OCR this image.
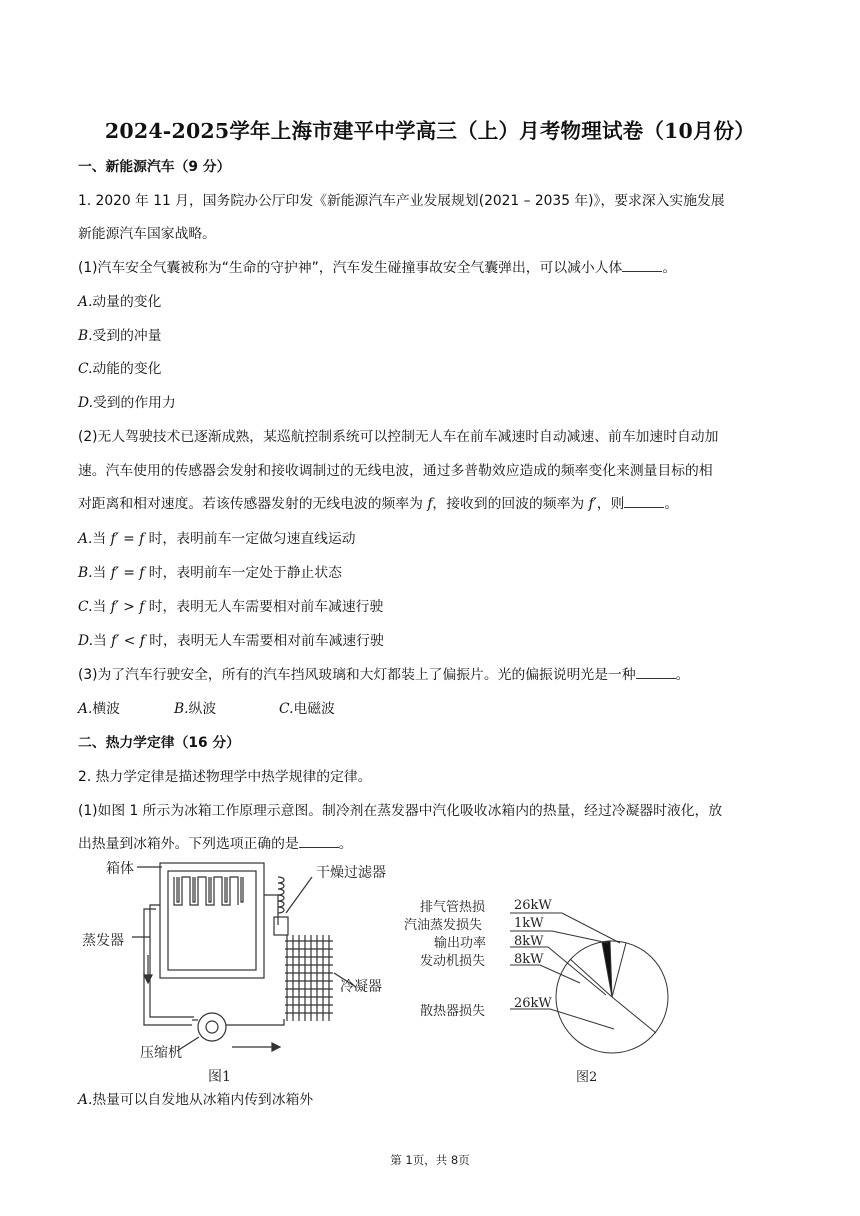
2024-2025学年上海市建平中学高三（上）月考物理试卷（10月份）
一、新能源汽车（9 分）
1. 2020 年 11 月，国务院办公厅印发《新能源汽车产业发展规划(2021 – 2035 年)》，要求深入实施发展
新能源汽车国家战略。
(1)汽车安全气囊被称为“生命的守护神”，汽车发生碰撞事故安全气囊弹出，可以减小人体	。
A.动量的变化
B.受到的冲量
C.动能的变化
D.受到的作用力
(2)无人驾驶技术已逐渐成熟，某巡航控制系统可以控制无人车在前车减速时自动减速、前车加速时自动加
速。汽车使用的传感器会发射和接收调制过的无线电波，通过多普勒效应造成的频率变化来测量目标的相
对距离和相对速度。若该传感器发射的无线电波的频率为 f，接收到的回波的频率为 f′，则	。
A.当 f′ = f 时，表明前车一定做匀速直线运动
B.当 f′ = f 时，表明前车一定处于静止状态
C.当 f′ > f 时，表明无人车需要相对前车减速行驶
D.当 f′ < f 时，表明无人车需要相对前车减速行驶
(3)为了汽车行驶安全，所有的汽车挡风玻璃和大灯都装上了偏振片。光的偏振说明光是一种	。
A.横波	B.纵波	C.电磁波
二、热力学定律（16 分）
2. 热力学定律是描述物理学中热学规律的定律。
(1)如图 1 所示为冰箱工作原理示意图。制冷剂在蒸发器中汽化吸收冰箱内的热量，经过冷凝器时液化，放
出热量到冰箱外。下列选项正确的是	。
箱体	干燥过滤器
蒸发器
冷凝器
压缩机
图1
排气管热损 26kW
汽油蒸发损失 1kW
输出功率 8kW
发动机损失 8kW
散热器损失
26kW
图2
A.热量可以自发地从冰箱内传到冰箱外
第 1页，共 8页
